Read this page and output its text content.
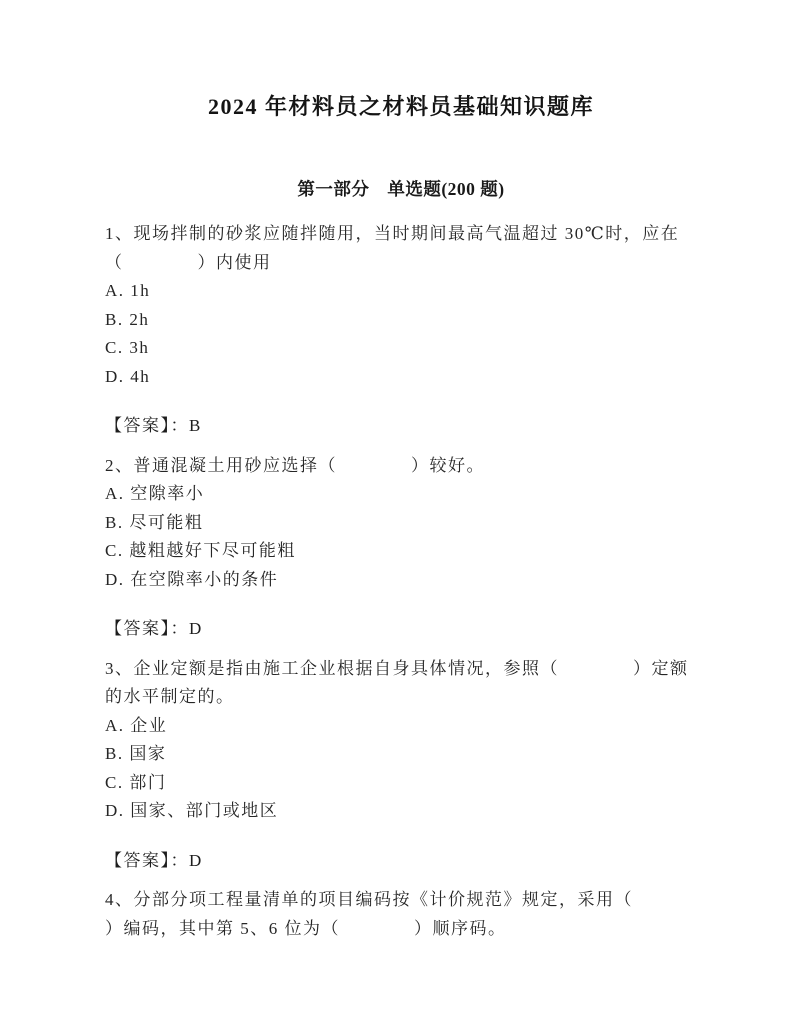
2024 年材料员之材料员基础知识题库
第一部分　单选题(200 题)
1、现场拌制的砂浆应随拌随用，当时期间最高气温超过 30℃时，应在
（　　　　）内使用
A. 1h
B. 2h
C. 3h
D. 4h
【答案】：B
2、普通混凝土用砂应选择（　　　　）较好。
A. 空隙率小
B. 尽可能粗
C. 越粗越好下尽可能粗
D. 在空隙率小的条件
【答案】：D
3、企业定额是指由施工企业根据自身具体情况，参照（　　　　）定额
的水平制定的。
A. 企业
B. 国家
C. 部门
D. 国家、部门或地区
【答案】：D
4、分部分项工程量清单的项目编码按《计价规范》规定，采用（
）编码，其中第 5、6 位为（　　　　）顺序码。
